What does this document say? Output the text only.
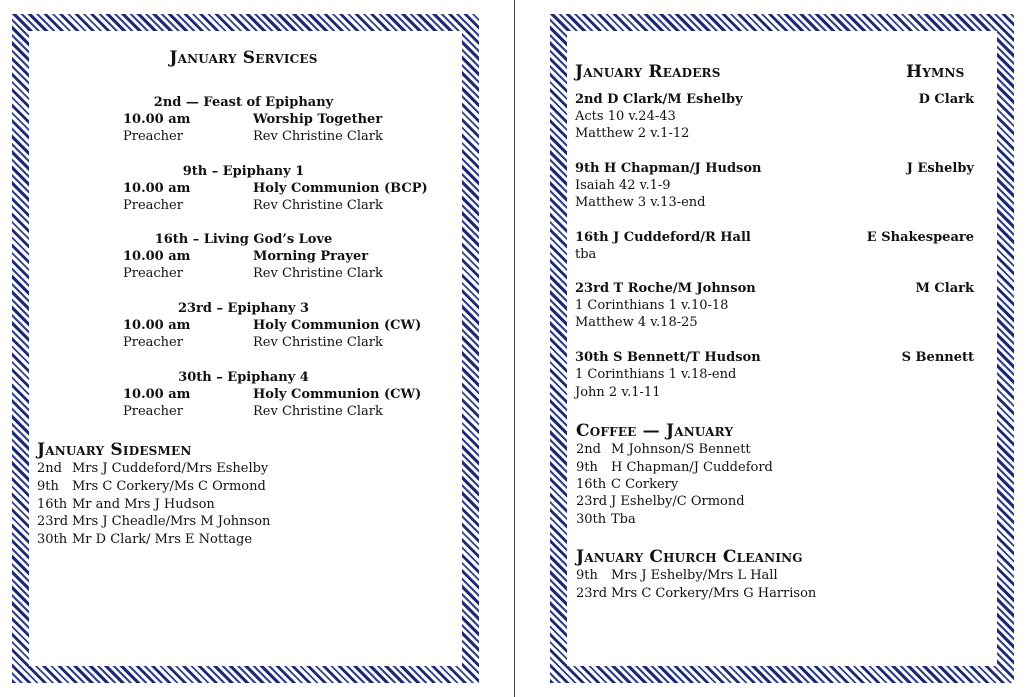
January Services
2nd — Feast of Epiphany
10.00 am	Worship Together
Preacher	Rev Christine Clark
9th – Epiphany 1
10.00 am	Holy Communion (BCP)
Preacher	Rev Christine Clark
16th – Living God’s Love
10.00 am	Morning Prayer
Preacher	Rev Christine Clark
23rd – Epiphany 3
10.00 am	Holy Communion (CW)
Preacher	Rev Christine Clark
30th – Epiphany 4
10.00 am	Holy Communion (CW)
Preacher	Rev Christine Clark
January Sidesmen
2nd Mrs J Cuddeford/Mrs Eshelby
9th Mrs C Corkery/Ms C Ormond
16th Mr and Mrs J Hudson
23rd Mrs J Cheadle/Mrs M Johnson
30th Mr D Clark/ Mrs E Nottage
January Readers	Hymns
2nd D Clark/M Eshelby	D Clark
Acts 10 v.24-43
Matthew 2 v.1-12
9th H Chapman/J Hudson	J Eshelby
Isaiah 42 v.1-9
Matthew 3 v.13-end
16th J Cuddeford/R Hall	E Shakespeare
tba
23rd T Roche/M Johnson	M Clark
1 Corinthians 1 v.10-18
Matthew 4 v.18-25
30th S Bennett/T Hudson	S Bennett
1 Corinthians 1 v.18-end
John 2 v.1-11
Coffee — January
2nd M Johnson/S Bennett
9th H Chapman/J Cuddeford
16th C Corkery
23rd J Eshelby/C Ormond
30th Tba
January Church Cleaning
9th Mrs J Eshelby/Mrs L Hall
23rd Mrs C Corkery/Mrs G Harrison
